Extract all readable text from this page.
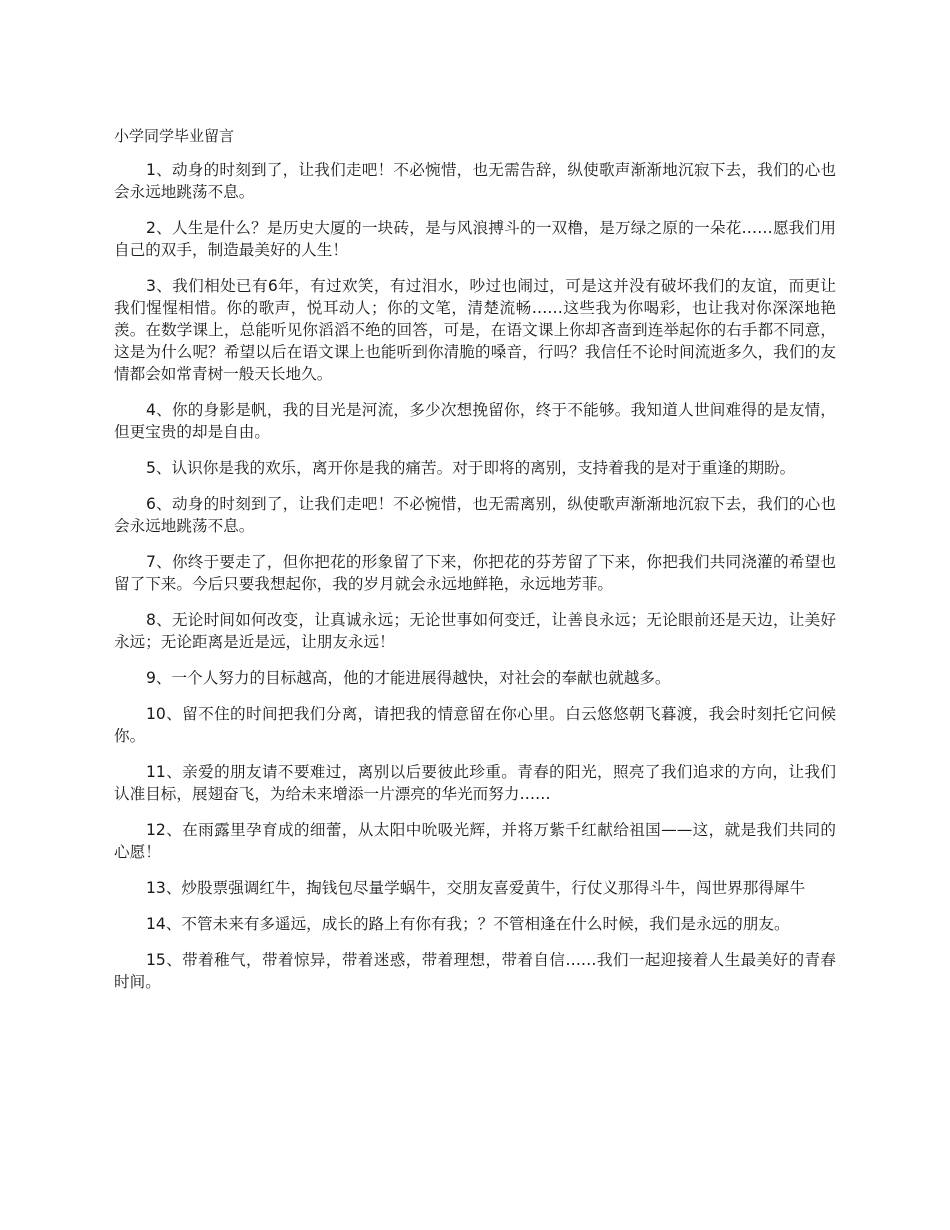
小学同学毕业留言

1、动身的时刻到了，让我们走吧！不必惋惜，也无需告辞，纵使歌声渐渐地沉寂下去，我们的心也会永远地跳荡不息。

2、人生是什么？是历史大厦的一块砖，是与风浪搏斗的一双橹，是万绿之原的一朵花……愿我们用自己的双手，制造最美好的人生！

3、我们相处已有6年，有过欢笑，有过泪水，吵过也闹过，可是这并没有破坏我们的友谊，而更让我们惺惺相惜。你的歌声，悦耳动人；你的文笔，清楚流畅……这些我为你喝彩，也让我对你深深地艳羡。在数学课上，总能听见你滔滔不绝的回答，可是，在语文课上你却吝啬到连举起你的右手都不同意，这是为什么呢？希望以后在语文课上也能听到你清脆的嗓音，行吗？我信任不论时间流逝多久，我们的友情都会如常青树一般天长地久。

4、你的身影是帆，我的目光是河流，多少次想挽留你，终于不能够。我知道人世间难得的是友情，但更宝贵的却是自由。

5、认识你是我的欢乐，离开你是我的痛苦。对于即将的离别，支持着我的是对于重逢的期盼。

6、动身的时刻到了，让我们走吧！不必惋惜，也无需离别，纵使歌声渐渐地沉寂下去，我们的心也会永远地跳荡不息。

7、你终于要走了，但你把花的形象留了下来，你把花的芬芳留了下来，你把我们共同浇灌的希望也留了下来。今后只要我想起你，我的岁月就会永远地鲜艳，永远地芳菲。

8、无论时间如何改变，让真诚永远；无论世事如何变迁，让善良永远；无论眼前还是天边，让美好永远；无论距离是近是远，让朋友永远！

9、一个人努力的目标越高，他的才能进展得越快，对社会的奉献也就越多。

10、留不住的时间把我们分离，请把我的情意留在你心里。白云悠悠朝飞暮渡，我会时刻托它问候你。

11、亲爱的朋友请不要难过，离别以后要彼此珍重。青春的阳光，照亮了我们追求的方向，让我们认准目标，展翅奋飞，为给未来增添一片漂亮的华光而努力……

12、在雨露里孕育成的细蕾，从太阳中吮吸光辉，并将万紫千红献给祖国——这，就是我们共同的心愿！

13、炒股票强调红牛，掏钱包尽量学蜗牛，交朋友喜爱黄牛，行仗义那得斗牛，闯世界那得犀牛

14、不管未来有多遥远，成长的路上有你有我；？不管相逢在什么时候，我们是永远的朋友。

15、带着稚气，带着惊异，带着迷惑，带着理想，带着自信……我们一起迎接着人生最美好的青春时间。
